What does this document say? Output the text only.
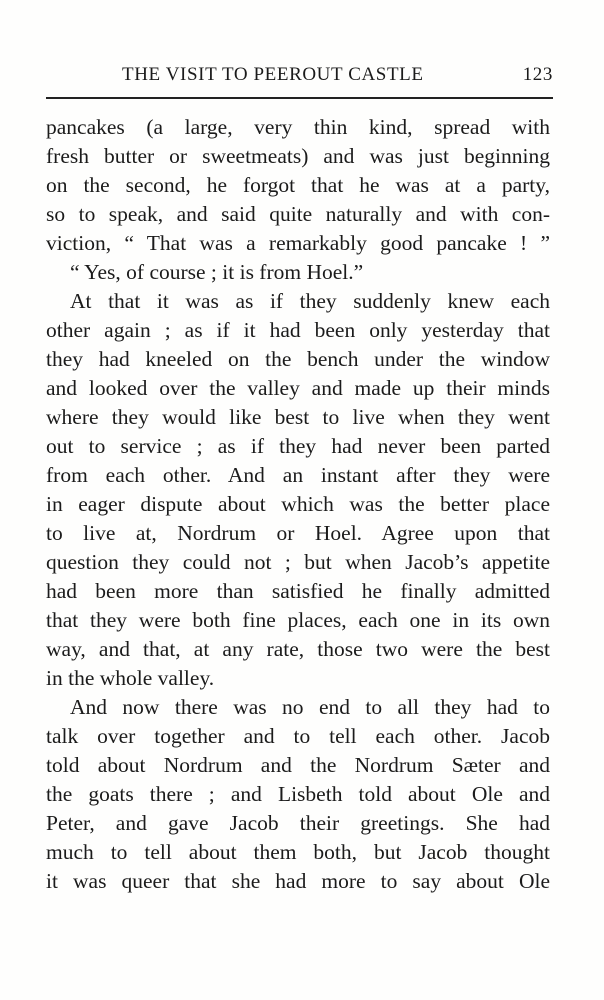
THE VISIT TO PEEROUT CASTLE	123
pancakes (a large, very thin kind, spread with
fresh butter or sweetmeats) and was just beginning
on the second, he forgot that he was at a party,
so to speak, and said quite naturally and with con-
viction, “ That was a remarkably good pancake ! ”
“ Yes, of course ; it is from Hoel.”
At that it was as if they suddenly knew each
other again ; as if it had been only yesterday that
they had kneeled on the bench under the window
and looked over the valley and made up their minds
where they would like best to live when they went
out to service ; as if they had never been parted
from each other. And an instant after they were
in eager dispute about which was the better place
to live at, Nordrum or Hoel. Agree upon that
question they could not ; but when Jacob’s appetite
had been more than satisfied he finally admitted
that they were both fine places, each one in its own
way, and that, at any rate, those two were the best
in the whole valley.
And now there was no end to all they had to
talk over together and to tell each other. Jacob
told about Nordrum and the Nordrum Sæter and
the goats there ; and Lisbeth told about Ole and
Peter, and gave Jacob their greetings. She had
much to tell about them both, but Jacob thought
it was queer that she had more to say about Ole
